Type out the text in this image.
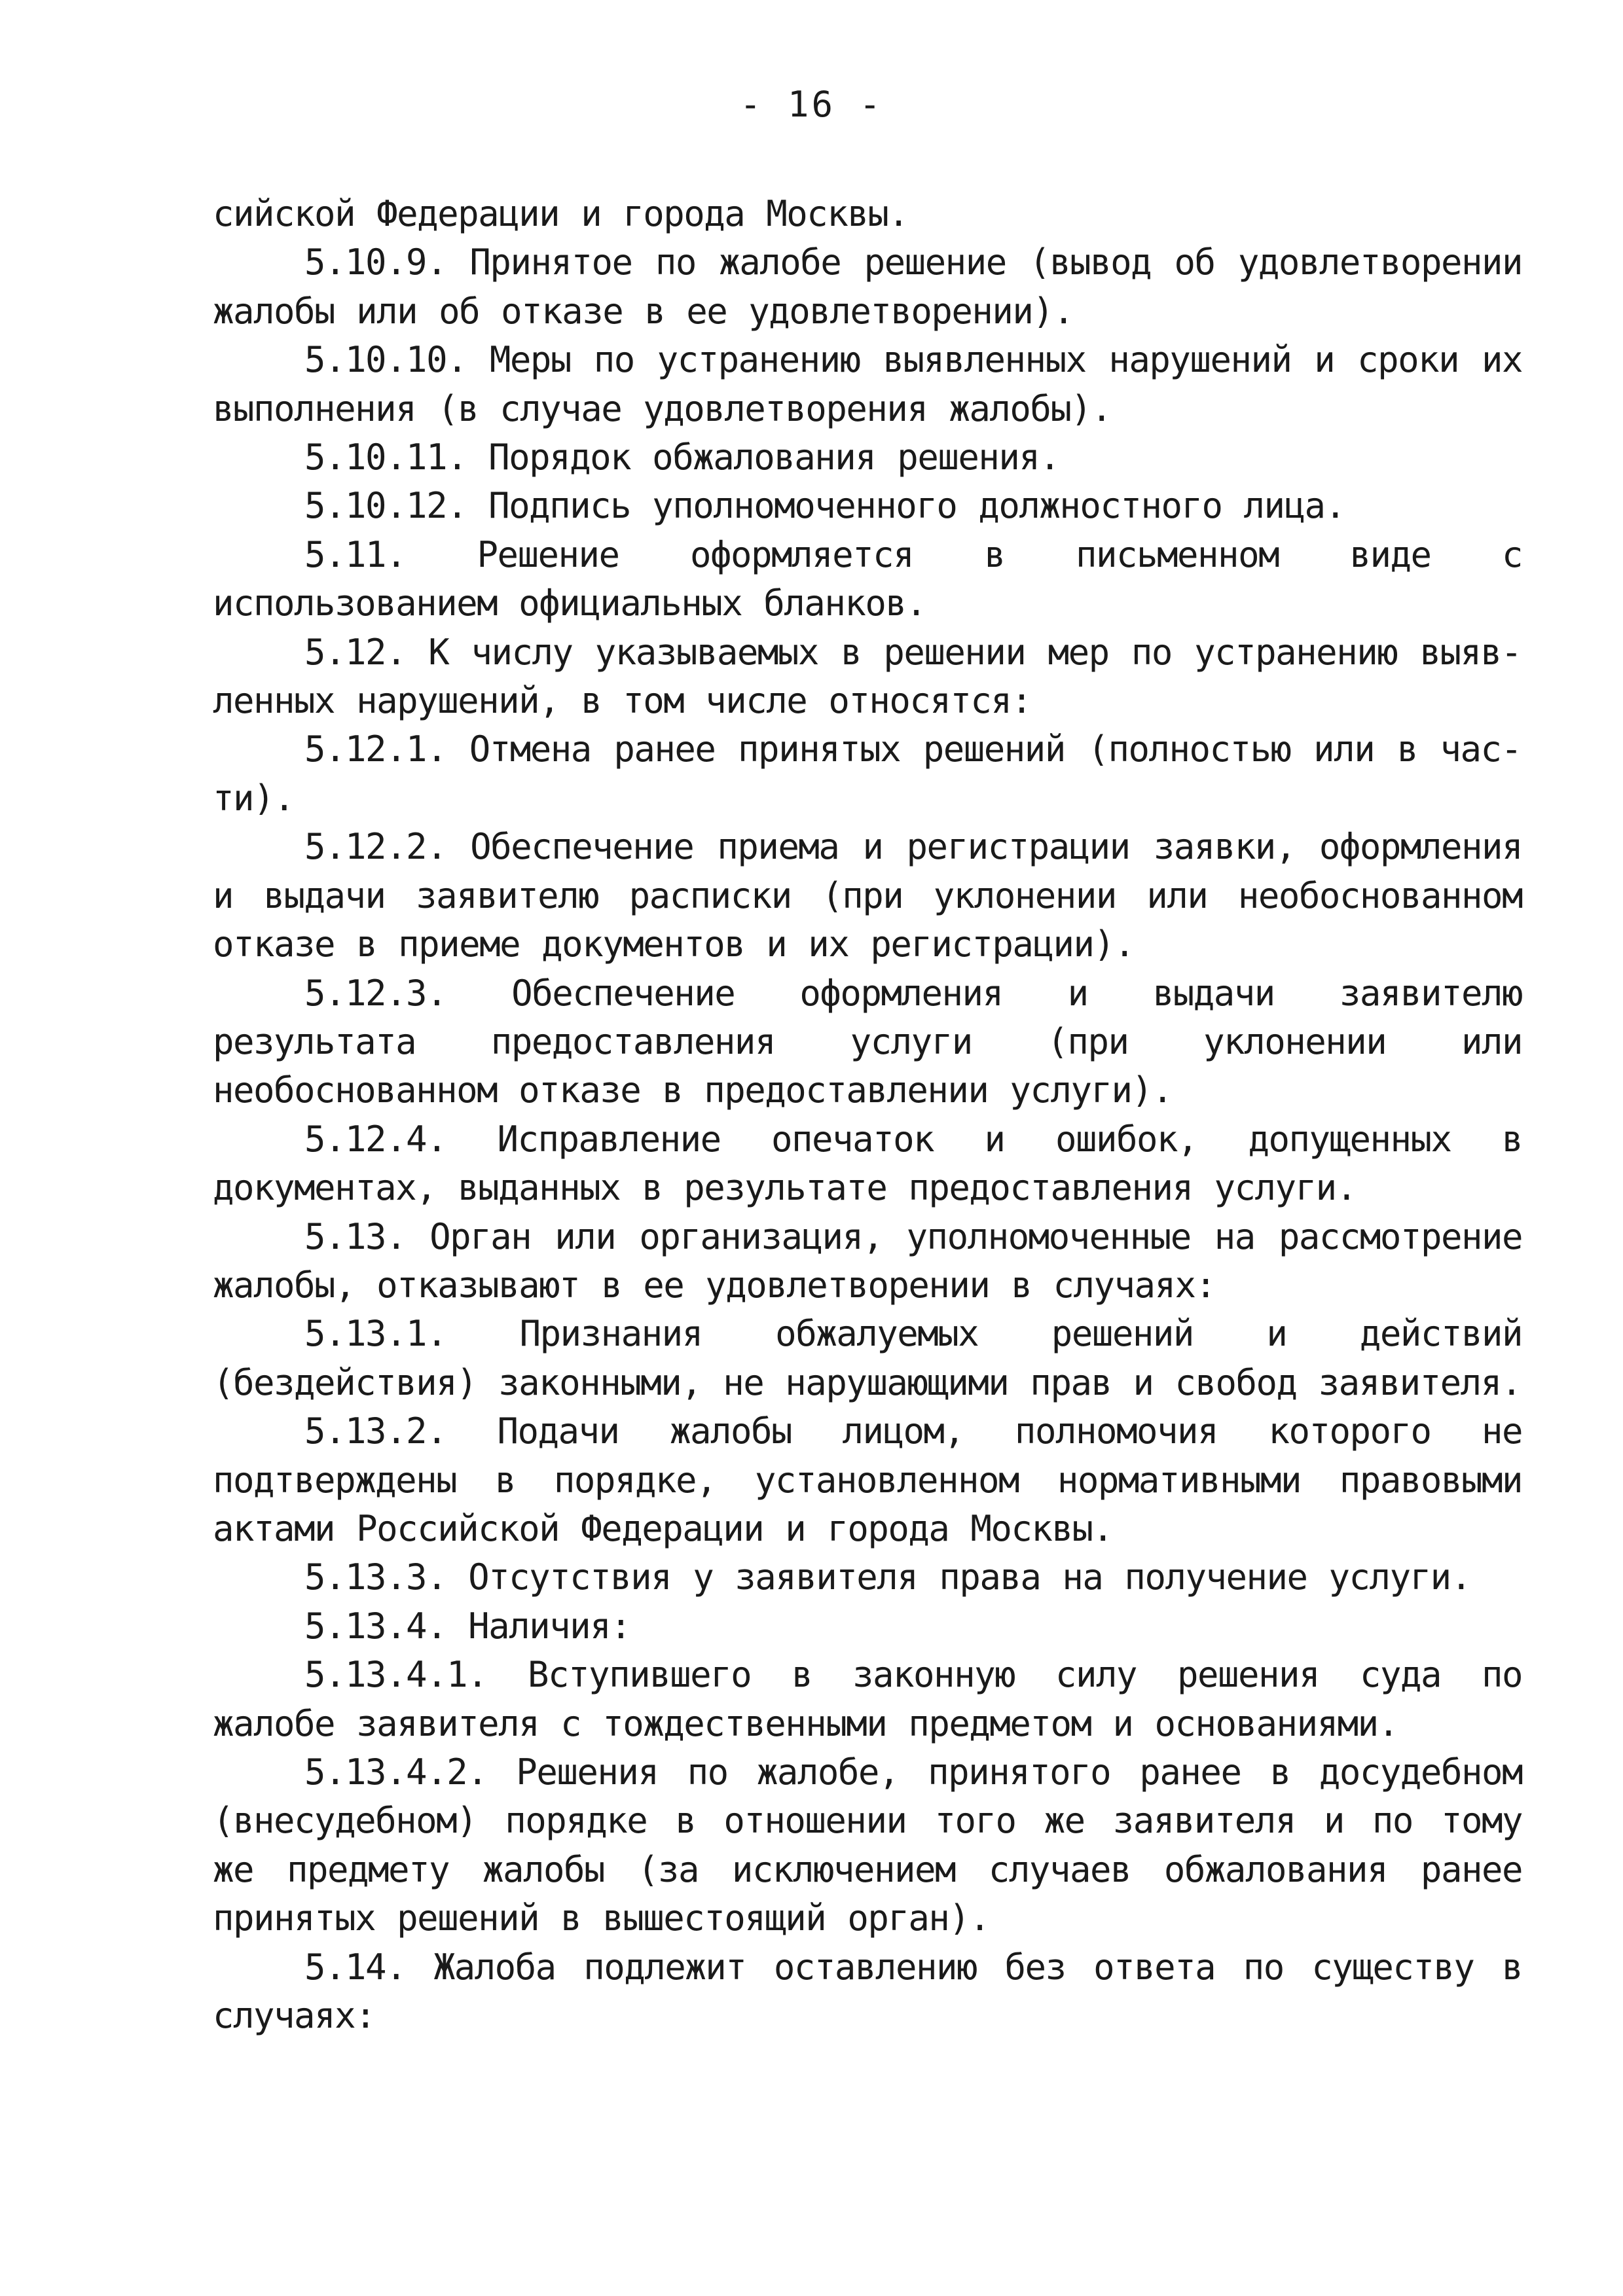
- 16 -

сийской Федерации и города Москвы.

5.10.9. Принятое по жалобе решение (вывод об удовлетворении жалобы или об отказе в ее удовлетворении).

5.10.10. Меры по устранению выявленных нарушений и сроки их выполнения (в случае удовлетворения жалобы).

5.10.11. Порядок обжалования решения.

5.10.12. Подпись уполномоченного должностного лица.

5.11. Решение оформляется в письменном виде с использованием официальных бланков.

5.12. К числу указываемых в решении мер по устранению выявленных нарушений, в том числе относятся:

5.12.1. Отмена ранее принятых решений (полностью или в части).

5.12.2. Обеспечение приема и регистрации заявки, оформления и выдачи заявителю расписки (при уклонении или необоснованном отказе в приеме документов и их регистрации).

5.12.3. Обеспечение оформления и выдачи заявителю результата предоставления услуги (при уклонении или необоснованном отказе в предоставлении услуги).

5.12.4. Исправление опечаток и ошибок, допущенных в документах, выданных в результате предоставления услуги.

5.13. Орган или организация, уполномоченные на рассмотрение жалобы, отказывают в ее удовлетворении в случаях:

5.13.1. Признания обжалуемых решений и действий (бездействия) законными, не нарушающими прав и свобод заявителя.

5.13.2. Подачи жалобы лицом, полномочия которого не подтверждены в порядке, установленном нормативными правовыми актами Российской Федерации и города Москвы.

5.13.3. Отсутствия у заявителя права на получение услуги.

5.13.4. Наличия:

5.13.4.1. Вступившего в законную силу решения суда по жалобе заявителя с тождественными предметом и основаниями.

5.13.4.2. Решения по жалобе, принятого ранее в досудебном (внесудебном) порядке в отношении того же заявителя и по тому же предмету жалобы (за исключением случаев обжалования ранее принятых решений в вышестоящий орган).

5.14. Жалоба подлежит оставлению без ответа по существу в случаях:
